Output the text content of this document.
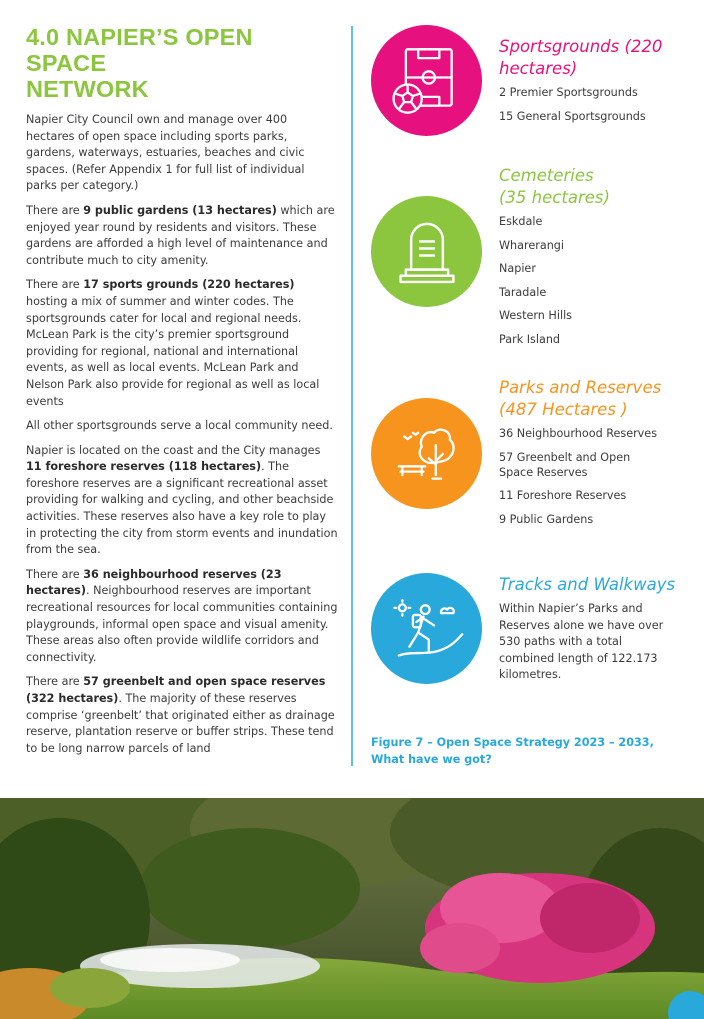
4.0 NAPIER’S OPEN SPACE
NETWORK

Napier City Council own and manage over 400 hectares of open space including sports parks, gardens, waterways, estuaries, beaches and civic spaces. (Refer Appendix 1 for full list of individual parks per category.)

There are 9 public gardens (13 hectares) which are enjoyed year round by residents and visitors. These gardens are afforded a high level of maintenance and contribute much to city amenity.

There are 17 sports grounds (220 hectares) hosting a mix of summer and winter codes. The sportsgrounds cater for local and regional needs. McLean Park is the city’s premier sportsground providing for regional, national and international events, as well as local events. McLean Park and Nelson Park also provide for regional as well as local events

All other sportsgrounds serve a local community need.

Napier is located on the coast and the City manages 11 foreshore reserves (118 hectares). The foreshore reserves are a significant recreational asset providing for walking and cycling, and other beachside activities. These reserves also have a key role to play in protecting the city from storm events and inundation from the sea.

There are 36 neighbourhood reserves (23 hectares). Neighbourhood reserves are important recreational resources for local communities containing playgrounds, informal open space and visual amenity. These areas also often provide wildlife corridors and connectivity.

There are 57 greenbelt and open space reserves (322 hectares). The majority of these reserves comprise ‘greenbelt’ that originated either as drainage reserve, plantation reserve or buffer strips. These tend to be long narrow parcels of land

Sportsgrounds (220
hectares)
2 Premier Sportsgrounds
15 General Sportsgrounds
Cemeteries
(35 hectares)
Eskdale
Wharerangi
Napier
Taradale
Western Hills
Park Island
Parks and Reserves
(487 Hectares )
36 Neighbourhood Reserves
57 Greenbelt and Open Space Reserves
11 Foreshore Reserves
9 Public Gardens
Tracks and Walkways
Within Napier’s Parks and Reserves alone we have over 530 paths with a total combined length of 122.173 kilometres.
Figure 7 – Open Space Strategy 2023 – 2033,
What have we got?
